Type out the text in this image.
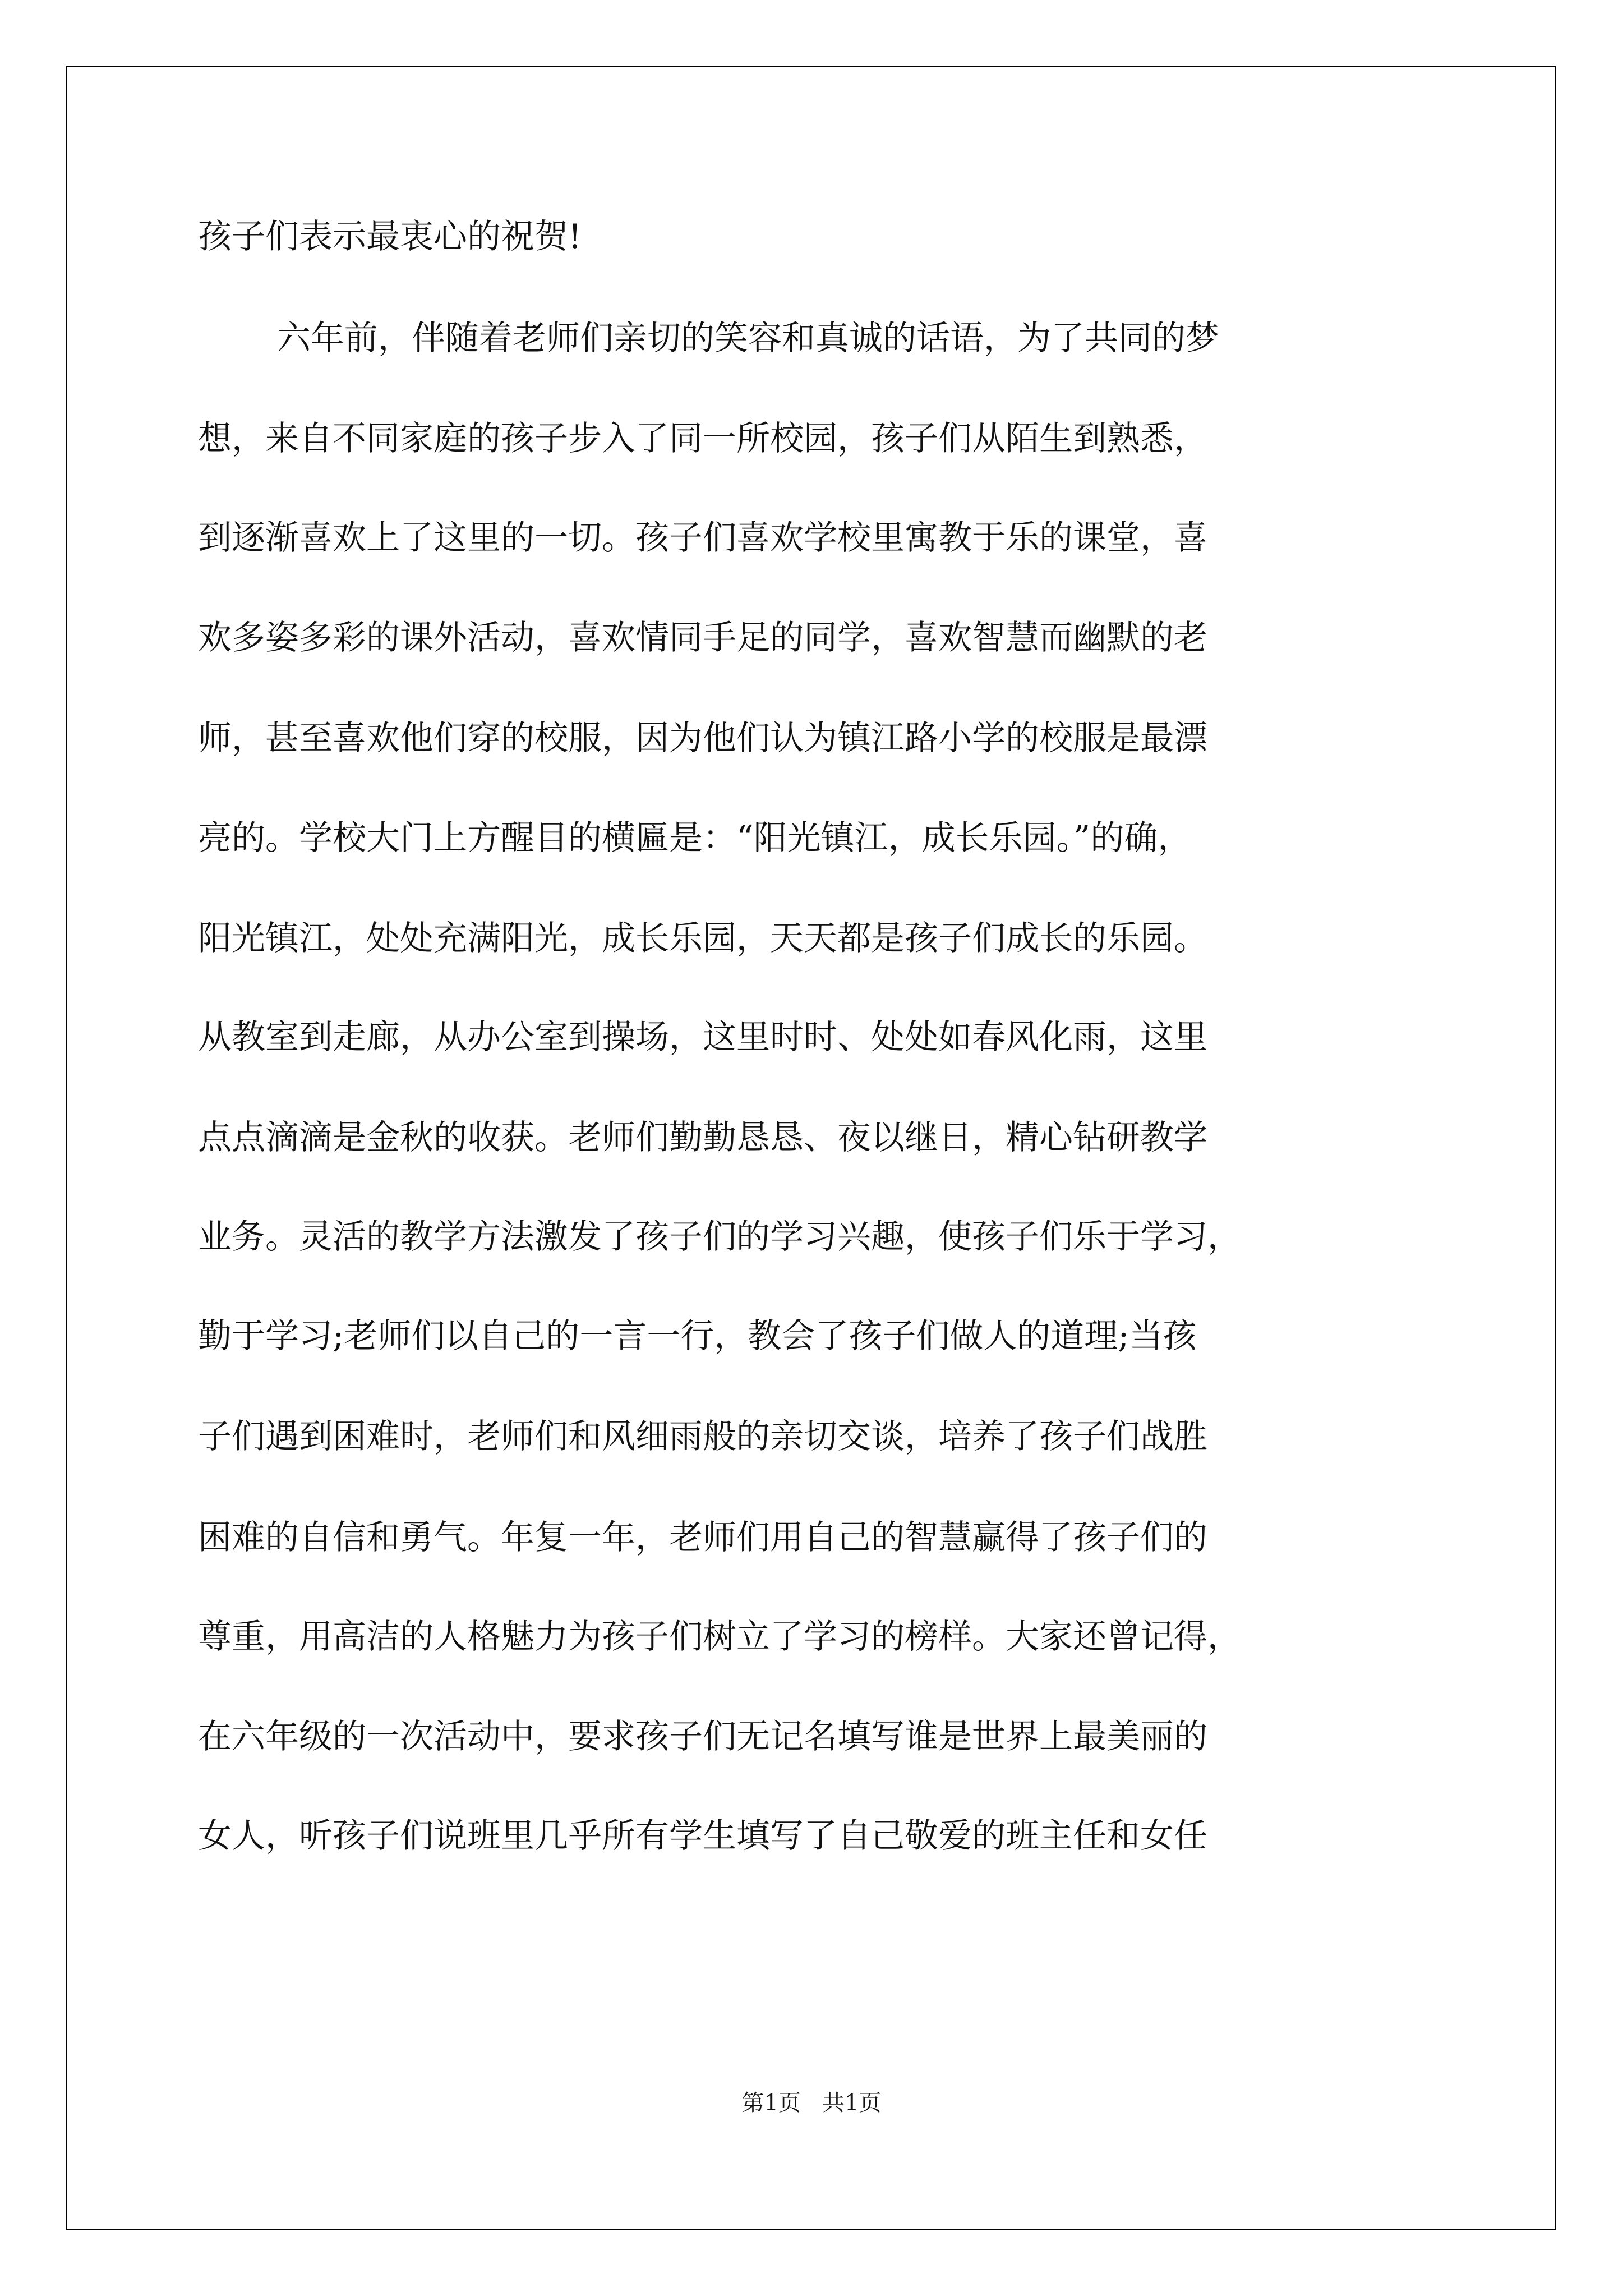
孩子们表示最衷心的祝贺!
六年前，伴随着老师们亲切的笑容和真诚的话语，为了共同的梦
想，来自不同家庭的孩子步入了同一所校园，孩子们从陌生到熟悉，
到逐渐喜欢上了这里的一切。孩子们喜欢学校里寓教于乐的课堂，喜
欢多姿多彩的课外活动，喜欢情同手足的同学，喜欢智慧而幽默的老
师，甚至喜欢他们穿的校服，因为他们认为镇江路小学的校服是最漂
亮的。学校大门上方醒目的横匾是：“阳光镇江，成长乐园。”的确，
阳光镇江，处处充满阳光，成长乐园，天天都是孩子们成长的乐园。
从教室到走廊，从办公室到操场，这里时时、处处如春风化雨，这里
点点滴滴是金秋的收获。老师们勤勤恳恳、夜以继日，精心钻研教学
业务。灵活的教学方法激发了孩子们的学习兴趣，使孩子们乐于学习，
勤于学习;老师们以自己的一言一行，教会了孩子们做人的道理;当孩
子们遇到困难时，老师们和风细雨般的亲切交谈，培养了孩子们战胜
困难的自信和勇气。年复一年，老师们用自己的智慧赢得了孩子们的
尊重，用高洁的人格魅力为孩子们树立了学习的榜样。大家还曾记得，
在六年级的一次活动中，要求孩子们无记名填写谁是世界上最美丽的
女人，听孩子们说班里几乎所有学生填写了自己敬爱的班主任和女任
第1页   共1页
